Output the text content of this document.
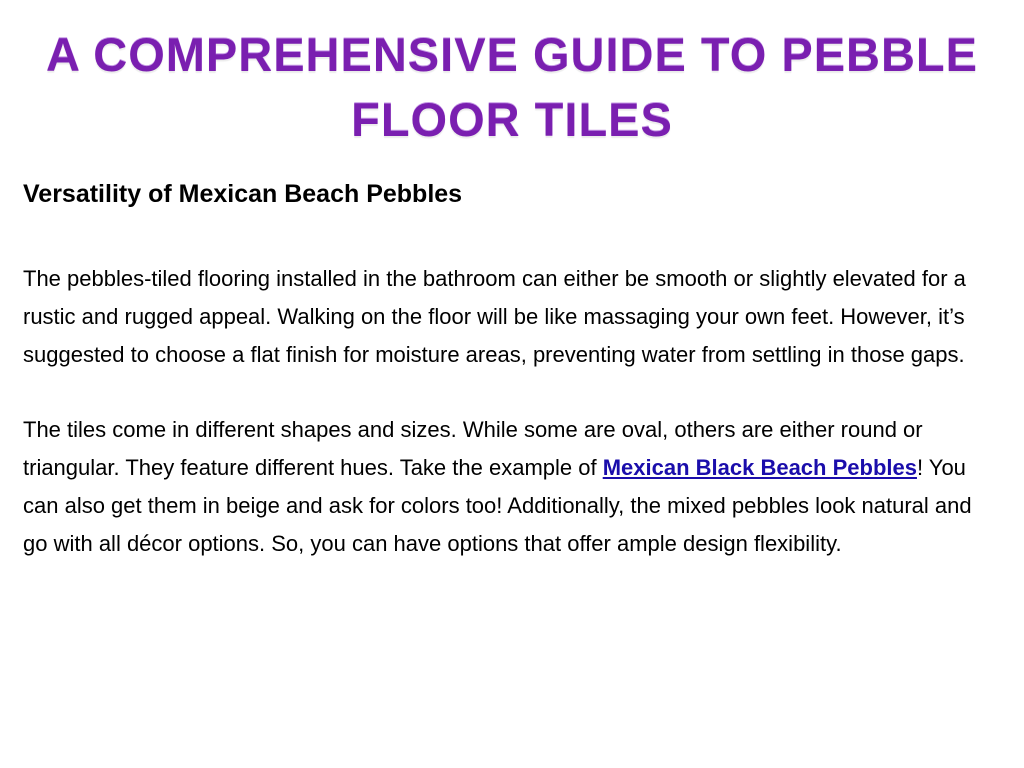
A COMPREHENSIVE GUIDE TO PEBBLE
FLOOR TILES
Versatility of Mexican Beach Pebbles

The pebbles-tiled flooring installed in the bathroom can either be smooth or slightly elevated for a rustic and rugged appeal. Walking on the floor will be like massaging your own feet. However, it’s suggested to choose a flat finish for moisture areas, preventing water from settling in those gaps.

The tiles come in different shapes and sizes. While some are oval, others are either round or triangular. They feature different hues. Take the example of Mexican Black Beach Pebbles! You can also get them in beige and ask for colors too! Additionally, the mixed pebbles look natural and go with all décor options. So, you can have options that offer ample design flexibility.
